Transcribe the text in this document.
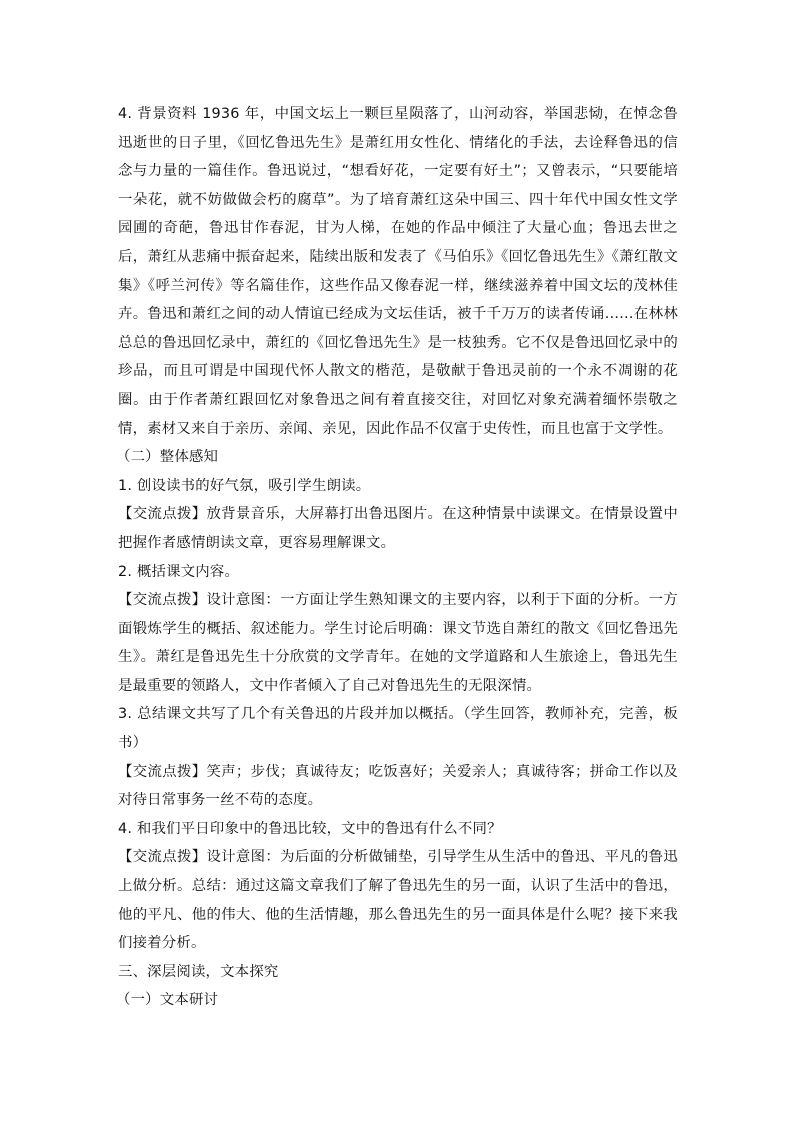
4. 背景资料 1936 年，中国文坛上一颗巨星陨落了，山河动容，举国悲恸，在悼念鲁迅逝世的日子里，《回忆鲁迅先生》是萧红用女性化、情绪化的手法，去诠释鲁迅的信念与力量的一篇佳作。鲁迅说过，“想看好花，一定要有好土”；又曾表示，“只要能培一朵花，就不妨做做会朽的腐草”。为了培育萧红这朵中国三、四十年代中国女性文学园圃的奇葩，鲁迅甘作春泥，甘为人梯，在她的作品中倾注了大量心血；鲁迅去世之后，萧红从悲痛中振奋起来，陆续出版和发表了《马伯乐》《回忆鲁迅先生》《萧红散文集》《呼兰河传》等名篇佳作，这些作品又像春泥一样，继续滋养着中国文坛的茂林佳卉。鲁迅和萧红之间的动人情谊已经成为文坛佳话，被千千万万的读者传诵……在林林总总的鲁迅回忆录中，萧红的《回忆鲁迅先生》是一枝独秀。它不仅是鲁迅回忆录中的珍品，而且可谓是中国现代怀人散文的楷范，是敬献于鲁迅灵前的一个永不凋谢的花圈。由于作者萧红跟回忆对象鲁迅之间有着直接交往，对回忆对象充满着缅怀崇敬之情，素材又来自于亲历、亲闻、亲见，因此作品不仅富于史传性，而且也富于文学性。

（二）整体感知

1. 创设读书的好气氛，吸引学生朗读。

【交流点拨】放背景音乐，大屏幕打出鲁迅图片。在这种情景中读课文。在情景设置中把握作者感情朗读文章，更容易理解课文。

2. 概括课文内容。

【交流点拨】设计意图：一方面让学生熟知课文的主要内容，以利于下面的分析。一方面锻炼学生的概括、叙述能力。学生讨论后明确：课文节选自萧红的散文《回忆鲁迅先生》。萧红是鲁迅先生十分欣赏的文学青年。在她的文学道路和人生旅途上，鲁迅先生是最重要的领路人，文中作者倾入了自己对鲁迅先生的无限深情。

3. 总结课文共写了几个有关鲁迅的片段并加以概括。（学生回答，教师补充，完善，板书）

【交流点拨】笑声；步伐；真诚待友；吃饭喜好；关爱亲人；真诚待客；拼命工作以及对待日常事务一丝不苟的态度。

4. 和我们平日印象中的鲁迅比较，文中的鲁迅有什么不同？

【交流点拨】设计意图：为后面的分析做铺垫，引导学生从生活中的鲁迅、平凡的鲁迅上做分析。总结：通过这篇文章我们了解了鲁迅先生的另一面，认识了生活中的鲁迅，他的平凡、他的伟大、他的生活情趣，那么鲁迅先生的另一面具体是什么呢？接下来我们接着分析。

三、深层阅读，文本探究

（一）文本研讨
